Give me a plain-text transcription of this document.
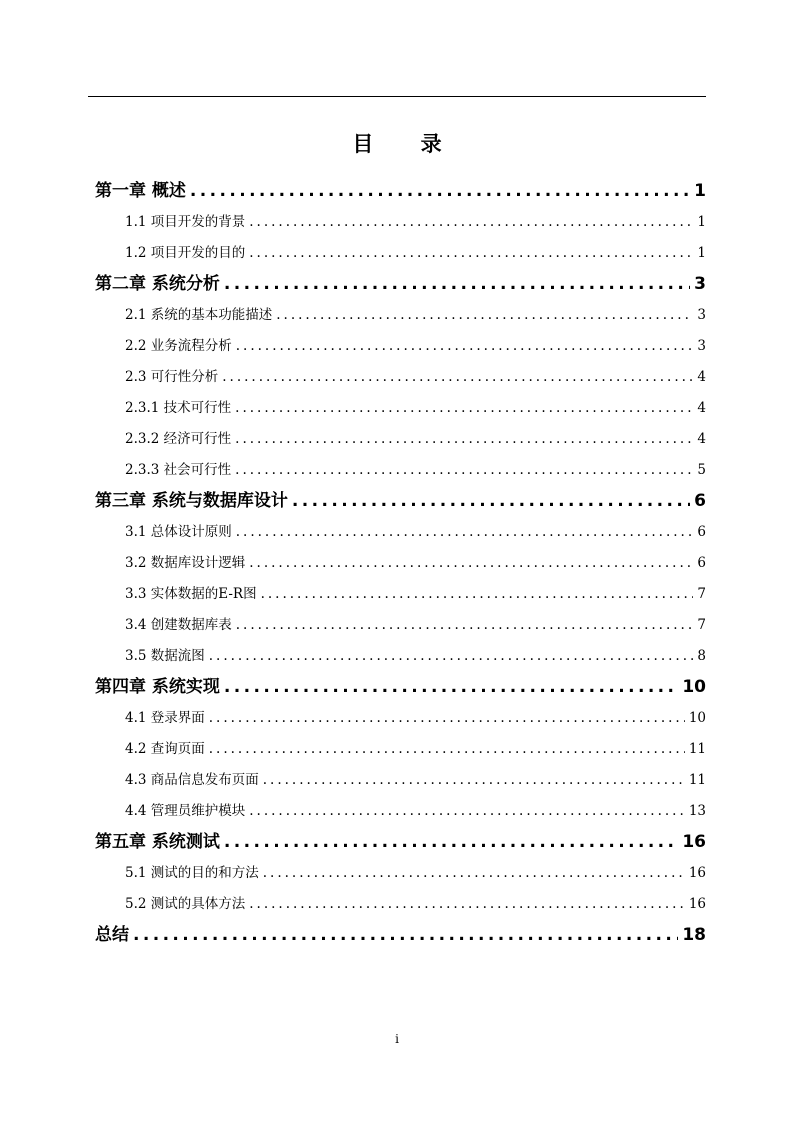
目 录
第一章 概述 .....	1
1.1 项目开发的背景 .....	1
1.2 项目开发的目的 .....	1
第二章 系统分析 .....	3
2.1 系统的基本功能描述 .....	3
2.2 业务流程分析 .....	3
2.3 可行性分析 .....	4
2.3.1 技术可行性 .....	4
2.3.2 经济可行性 .....	4
2.3.3 社会可行性 .....	5
第三章 系统与数据库设计 .....	6
3.1 总体设计原则 .....	6
3.2 数据库设计逻辑 .....	6
3.3 实体数据的E-R图 .....	7
3.4 创建数据库表 .....	7
3.5 数据流图 .....	8
第四章 系统实现 .....	10
4.1 登录界面 .....	10
4.2 查询页面 .....	11
4.3 商品信息发布页面 .....	11
4.4 管理员维护模块 .....	13
第五章 系统测试 .....	16
5.1 测试的目的和方法 .....	16
5.2 测试的具体方法 .....	16
总结 .....	18
i
